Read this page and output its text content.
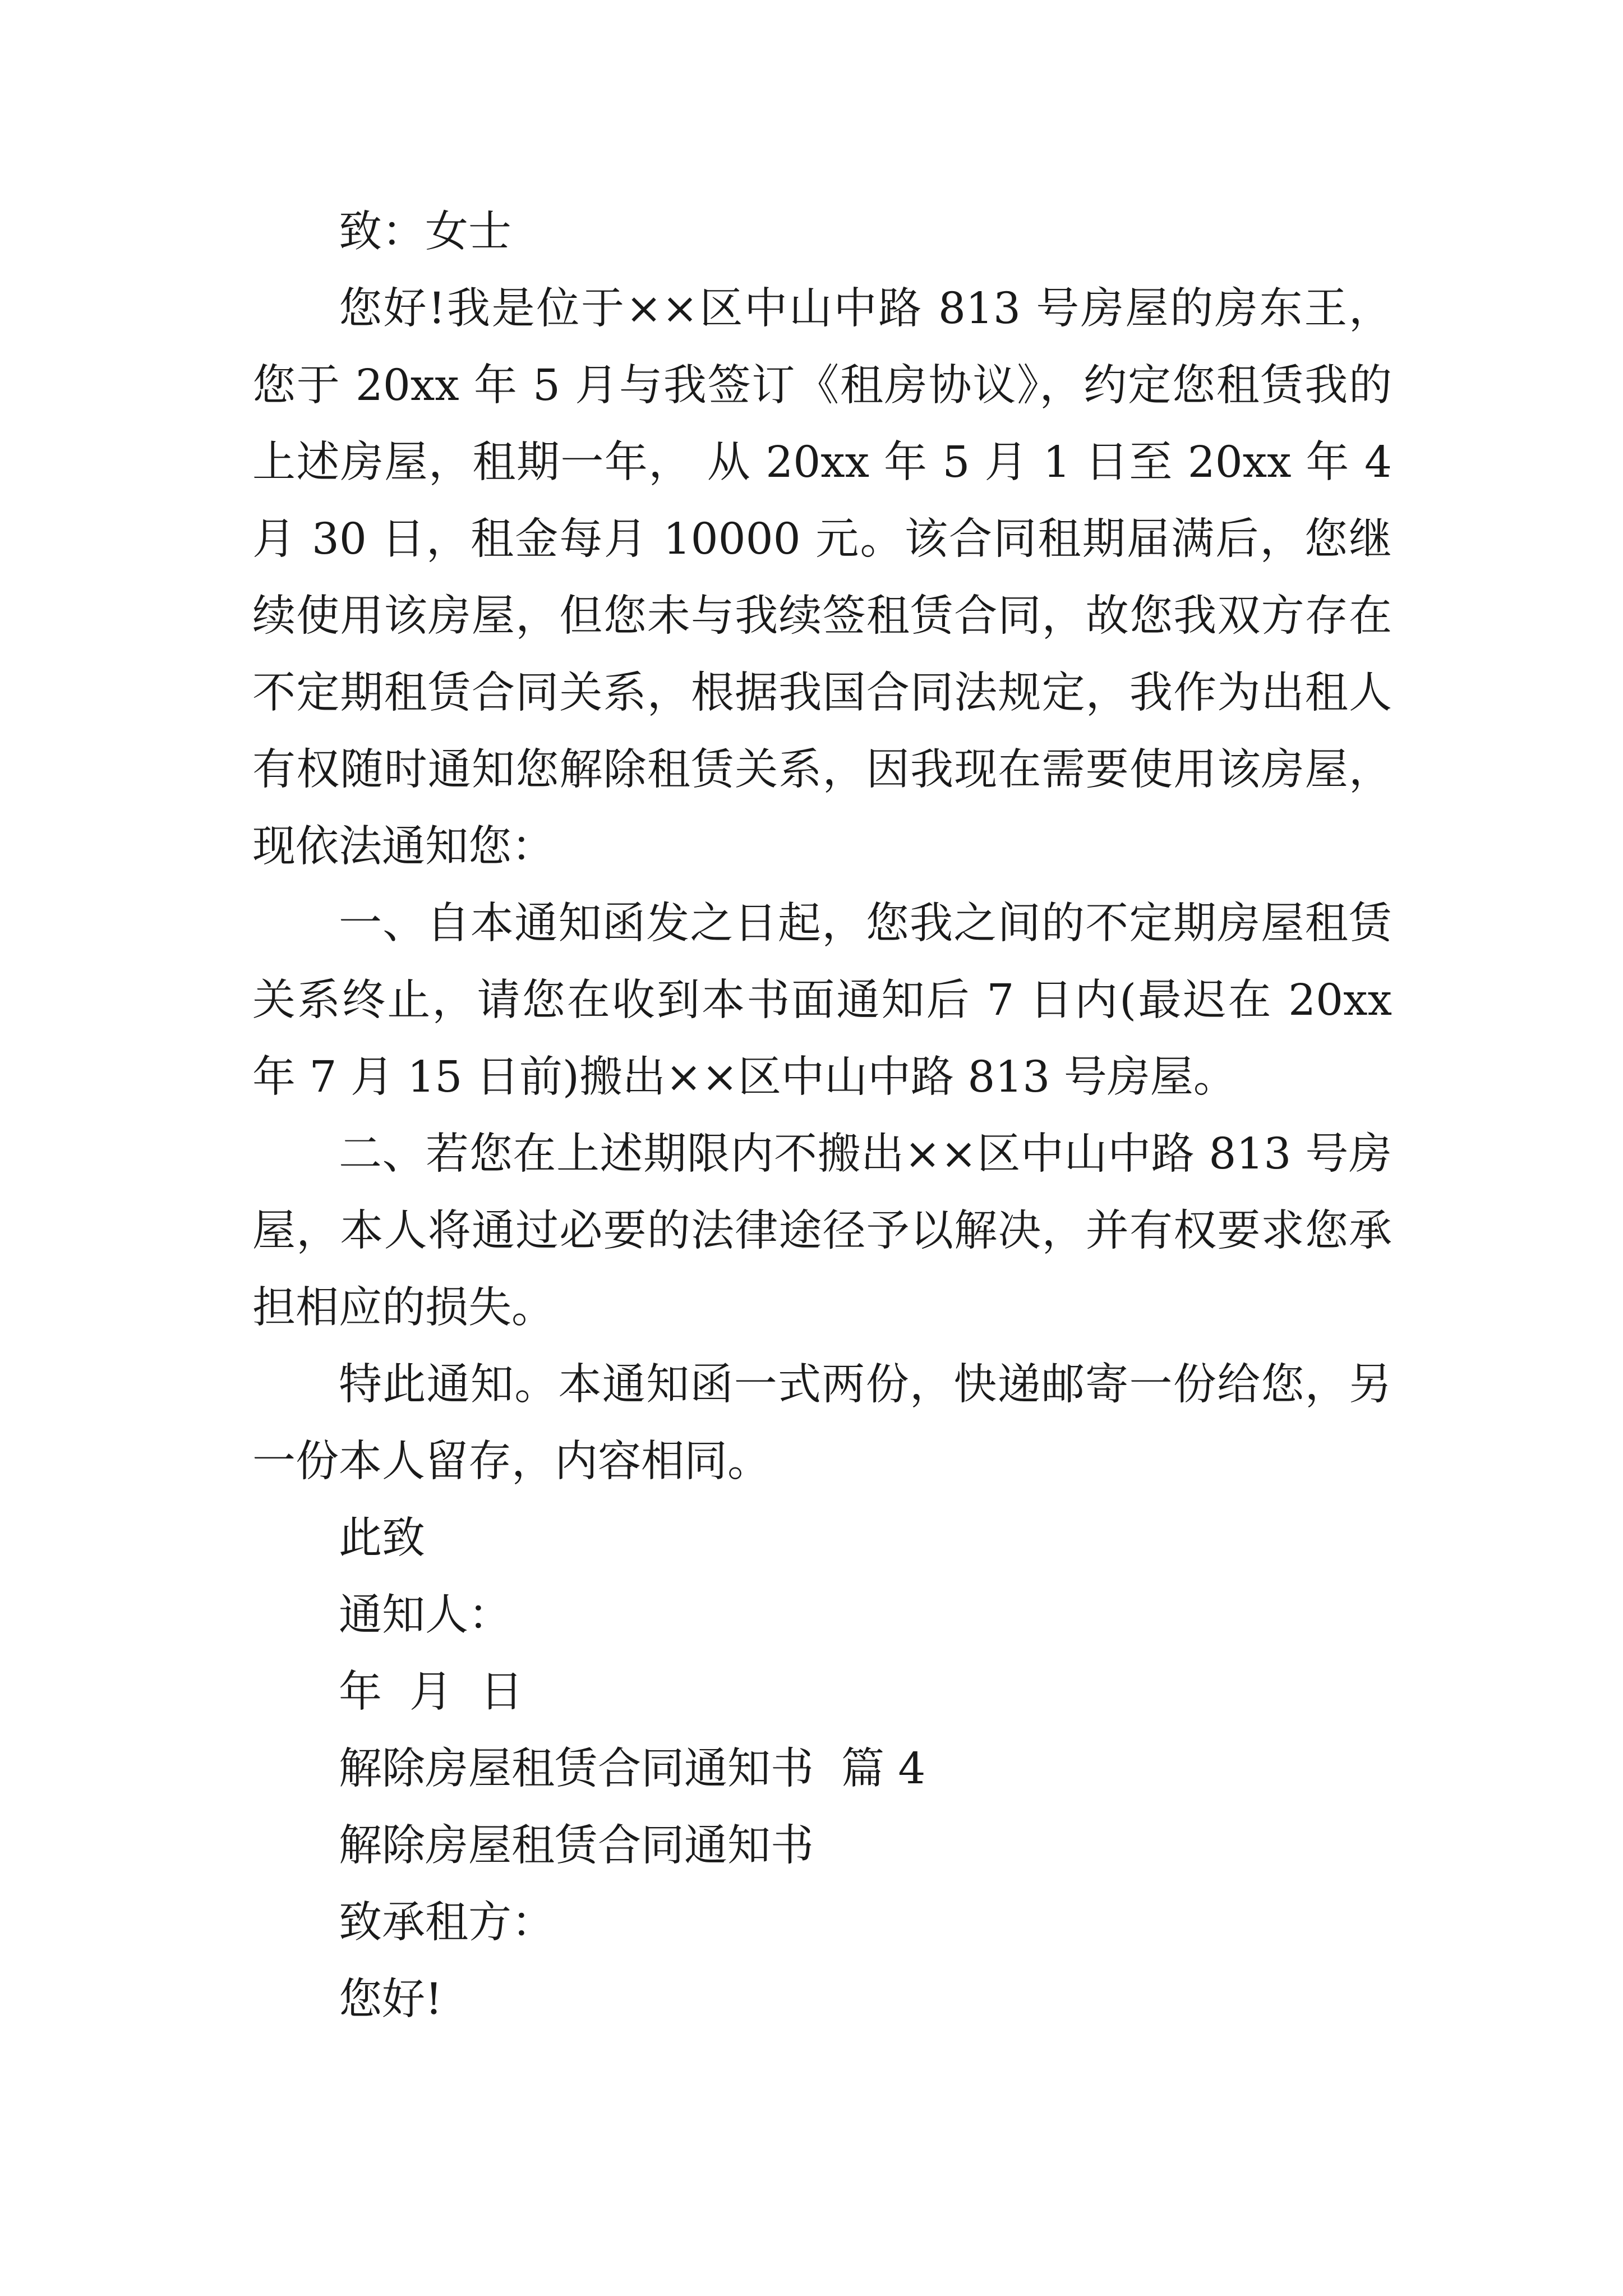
致：女士

您好!我是位于××区中山中路 813 号房屋的房东王，您于 20xx 年 5 月与我签订《租房协议》，约定您租赁我的上述房屋，租期一年， 从 20xx 年 5 月 1 日至 20xx 年 4 月 30 日，租金每月 10000 元。该合同租期届满后，您继续使用该房屋，但您未与我续签租赁合同，故您我双方存在不定期租赁合同关系，根据我国合同法规定，我作为出租人有权随时通知您解除租赁关系，因我现在需要使用该房屋，现依法通知您：

一、自本通知函发之日起，您我之间的不定期房屋租赁关系终止，请您在收到本书面通知后 7 日内(最迟在 20xx 年 7 月 15 日前)搬出××区中山中路 813 号房屋。

二、若您在上述期限内不搬出××区中山中路 813 号房屋，本人将通过必要的法律途径予以解决，并有权要求您承担相应的损失。

特此通知。本通知函一式两份，快递邮寄一份给您，另一份本人留存，内容相同。

此致

通知人：

年  月  日

解除房屋租赁合同通知书  篇 4

解除房屋租赁合同通知书

致承租方：

您好!
